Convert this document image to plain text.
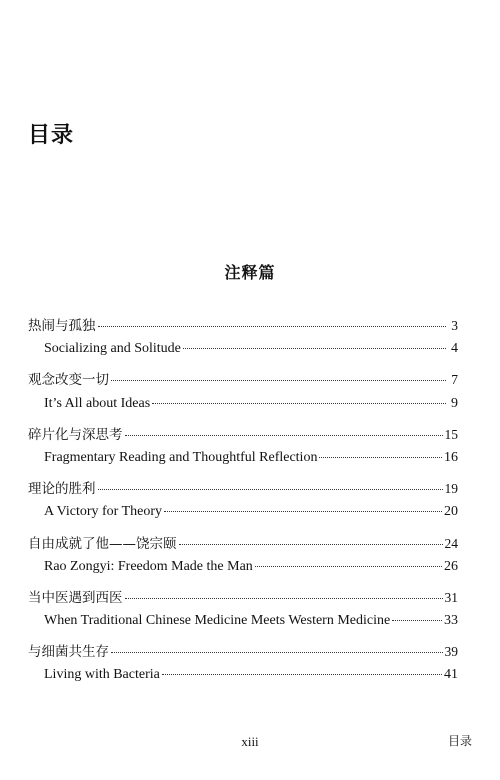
目录
注释篇
热闹与孤独	3
Socializing and Solitude	4
观念改变一切	7
It’s All about Ideas	9
碎片化与深思考	15
Fragmentary Reading and Thoughtful Reflection	16
理论的胜利	19
A Victory for Theory	20
自由成就了他——饶宗颐	24
Rao Zongyi: Freedom Made the Man	26
当中医遇到西医	31
When Traditional Chinese Medicine Meets Western Medicine	33
与细菌共生存	39
Living with Bacteria	41
xiii	目录
